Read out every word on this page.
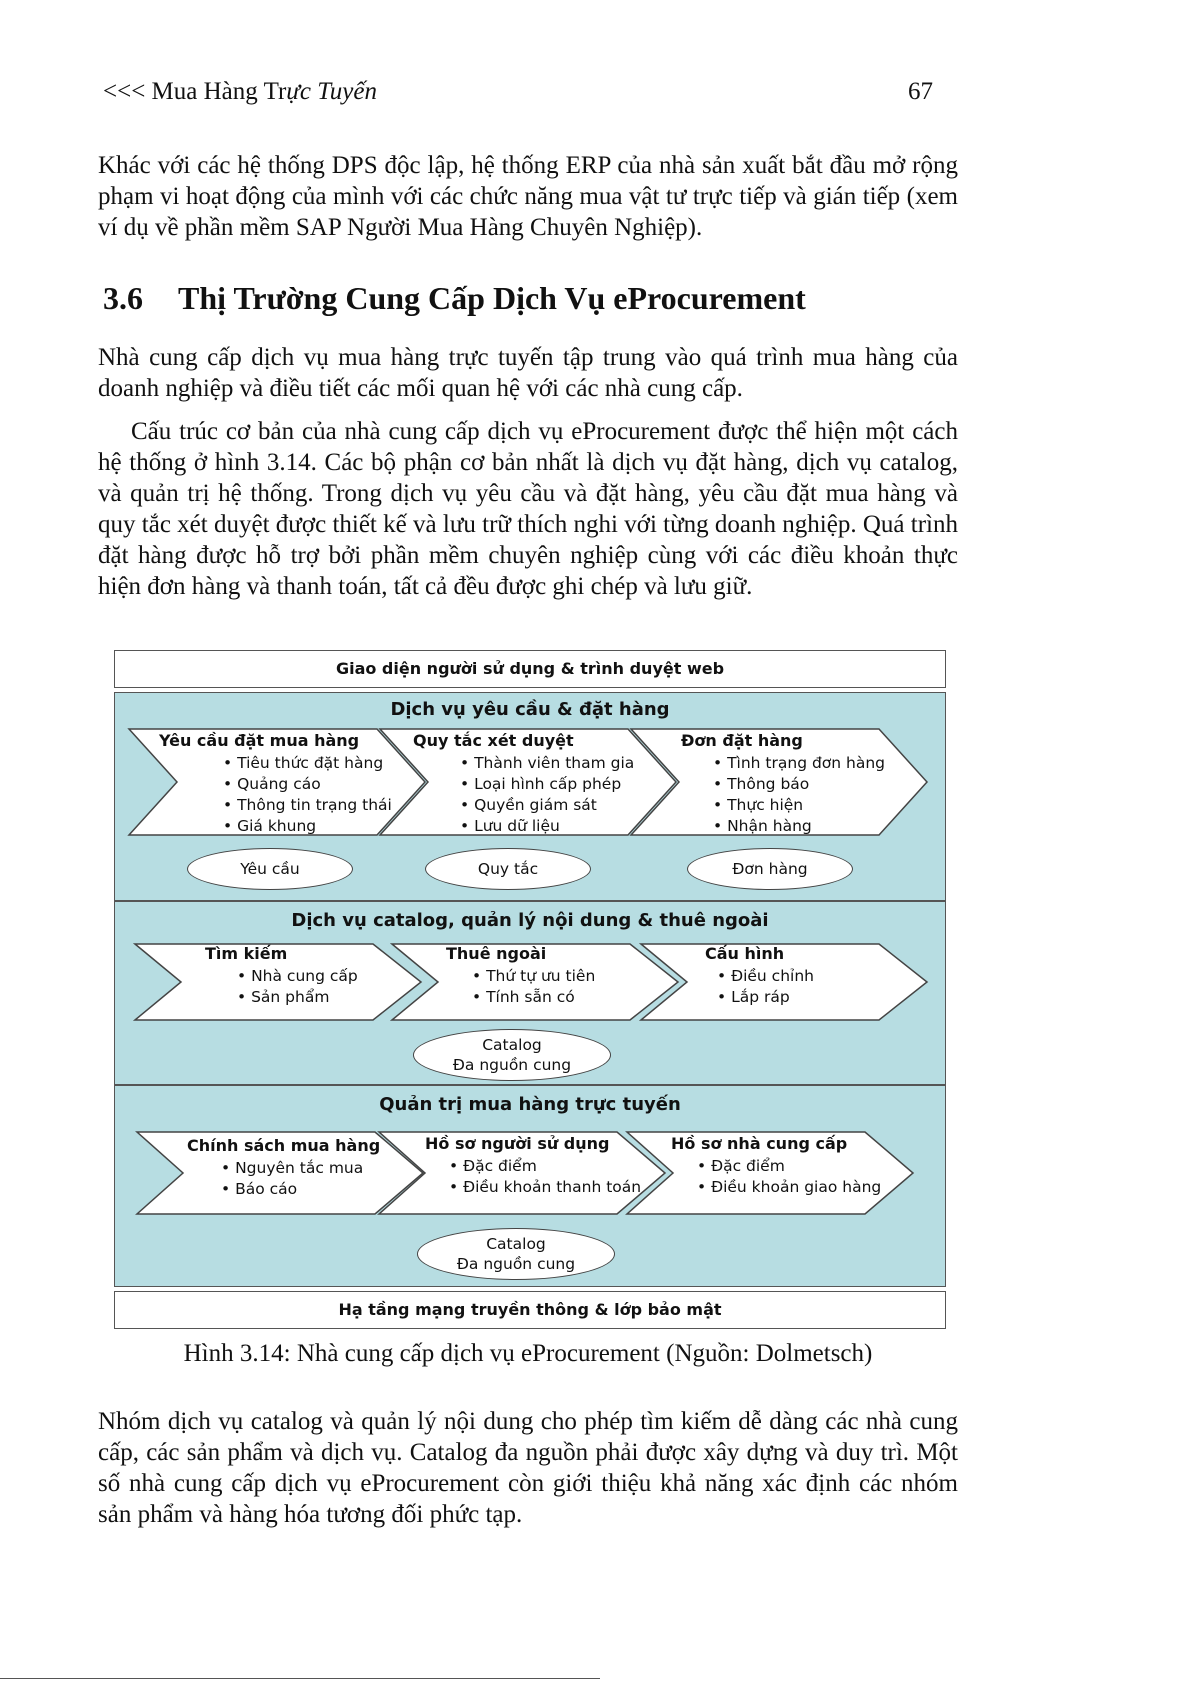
<<< Mua Hàng Trực Tuyến	67

Khác với các hệ thống DPS độc lập, hệ thống ERP của nhà sản xuất bắt đầu mở rộng phạm vi hoạt động của mình với các chức năng mua vật tư trực tiếp và gián tiếp (xem ví dụ về phần mềm SAP Người Mua Hàng Chuyên Nghiệp).

3.6 Thị Trường Cung Cấp Dịch Vụ eProcurement

Nhà cung cấp dịch vụ mua hàng trực tuyến tập trung vào quá trình mua hàng của doanh nghiệp và điều tiết các mối quan hệ với các nhà cung cấp.

Cấu trúc cơ bản của nhà cung cấp dịch vụ eProcurement được thể hiện một cách hệ thống ở hình 3.14. Các bộ phận cơ bản nhất là dịch vụ đặt hàng, dịch vụ catalog, và quản trị hệ thống. Trong dịch vụ yêu cầu và đặt hàng, yêu cầu đặt mua hàng và quy tắc xét duyệt được thiết kế và lưu trữ thích nghi với từng doanh nghiệp. Quá trình đặt hàng được hỗ trợ bởi phần mềm chuyên nghiệp cùng với các điều khoản thực hiện đơn hàng và thanh toán, tất cả đều được ghi chép và lưu giữ.

Giao diện người sử dụng & trình duyệt web
Dịch vụ yêu cầu & đặt hàng
Yêu cầu đặt mua hàng
• Tiêu thức đặt hàng
• Quảng cáo
• Thông tin trạng thái
• Giá khung
Quy tắc xét duyệt
• Thành viên tham gia
• Loại hình cấp phép
• Quyền giám sát
• Lưu dữ liệu
Đơn đặt hàng
• Tình trạng đơn hàng
• Thông báo
• Thực hiện
• Nhận hàng
Yêu cầu	Quy tắc	Đơn hàng
Dịch vụ catalog, quản lý nội dung & thuê ngoài
Tìm kiếm
• Nhà cung cấp
• Sản phẩm
Thuê ngoài
• Thứ tự ưu tiên
• Tính sẵn có
Cấu hình
• Điều chỉnh
• Lắp ráp
Catalog
Đa nguồn cung
Quản trị mua hàng trực tuyến
Chính sách mua hàng
• Nguyên tắc mua
• Báo cáo
Hồ sơ người sử dụng
• Đặc điểm
• Điều khoản thanh toán
Hồ sơ nhà cung cấp
• Đặc điểm
• Điều khoản giao hàng
Catalog
Đa nguồn cung
Hạ tầng mạng truyền thông & lớp bảo mật
Hình 3.14: Nhà cung cấp dịch vụ eProcurement (Nguồn: Dolmetsch)

Nhóm dịch vụ catalog và quản lý nội dung cho phép tìm kiếm dễ dàng các nhà cung cấp, các sản phẩm và dịch vụ. Catalog đa nguồn phải được xây dựng và duy trì. Một số nhà cung cấp dịch vụ eProcurement còn giới thiệu khả năng xác định các nhóm sản phẩm và hàng hóa tương đối phức tạp.
